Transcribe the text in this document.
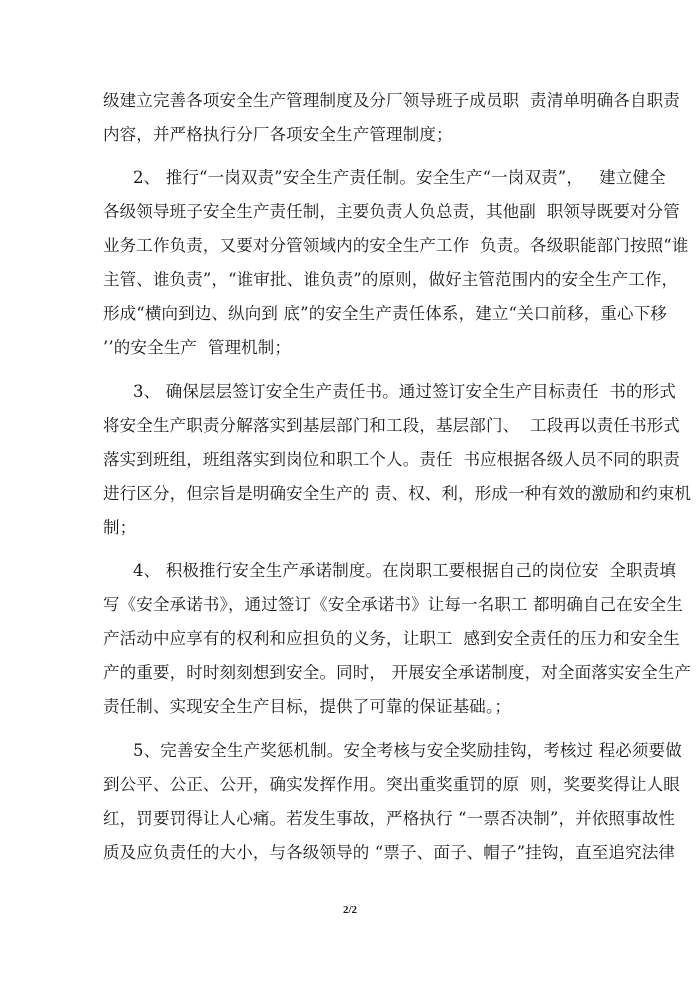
级建立完善各项安全生产管理制度及分厂领导班子成员职  责清单明确各自职责
内容，并严格执行分厂各项安全生产管理制度；
2、 推行“一岗双责”安全生产责任制。安全生产“一岗双责”，   建立健全
各级领导班子安全生产责任制，主要负责人负总责，其他副  职领导既要对分管
业务工作负责，又要对分管领域内的安全生产工作  负责。各级职能部门按照“谁
主管、谁负责”，“谁审批、谁负责”的原则，做好主管范围内的安全生产工作，
形成“横向到边、纵向到 底”的安全生产责任体系，建立“关口前移，重心下移
’’的安全生产  管理机制；
3、 确保层层签订安全生产责任书。通过签订安全生产目标责任  书的形式
将安全生产职责分解落实到基层部门和工段，基层部门、  工段再以责任书形式
落实到班组，班组落实到岗位和职工个人。责任  书应根据各级人员不同的职责
进行区分，但宗旨是明确安全生产的 责、权、利，形成一种有效的激励和约束机
制；
4、 积极推行安全生产承诺制度。在岗职工要根据自己的岗位安  全职责填
写《安全承诺书》，通过签订《安全承诺书》让每一名职工 都明确自己在安全生
产活动中应享有的权利和应担负的义务，让职工  感到安全责任的压力和安全生
产的重要，时时刻刻想到安全。同时， 开展安全承诺制度，对全面落实安全生产
责任制、实现安全生产目标，提供了可靠的保证基础。；
5、完善安全生产奖惩机制。安全考核与安全奖励挂钩，考核过 程必须要做
到公平、公正、公开，确实发挥作用。突出重奖重罚的原  则，奖要奖得让人眼
红，罚要罚得让人心痛。若发生事故，严格执行 “一票否决制”，并依照事故性
质及应负责任的大小，与各级领导的 “票子、面子、帽子”挂钩，直至追究法律
2/2
